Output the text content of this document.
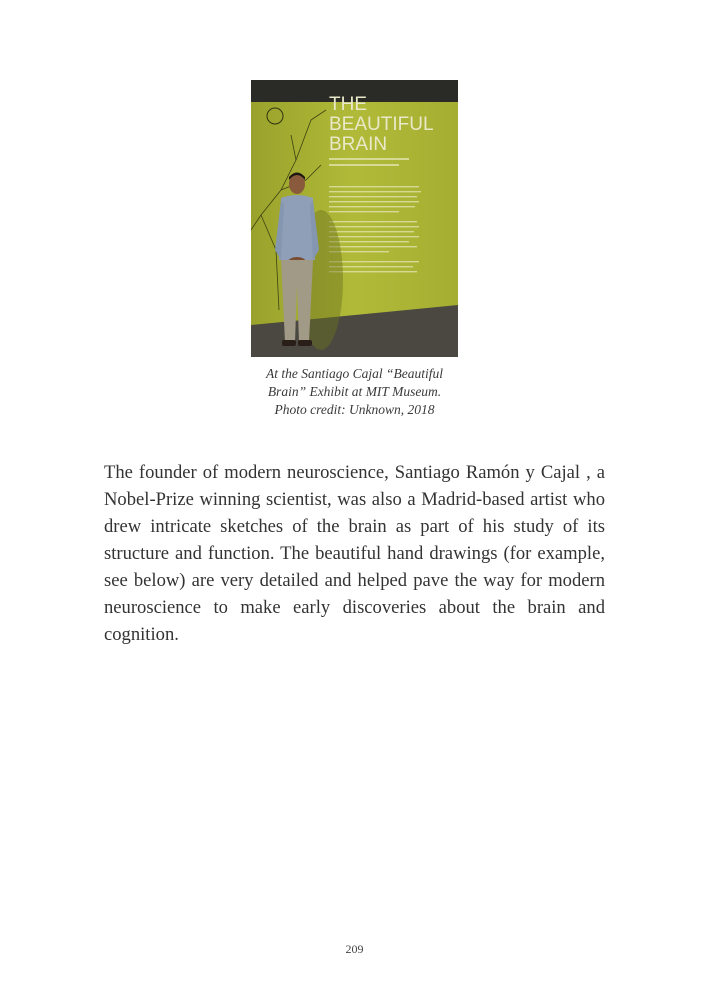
THE
BEAUTIFUL
BRAIN
At the Santiago Cajal “Beautiful
Brain” Exhibit at MIT Museum.
Photo credit: Unknown, 2018

The founder of modern neuroscience, Santiago Ramón y Cajal , a Nobel-Prize winning scientist, was also a Madrid-based artist who drew intricate sketches of the brain as part of his study of its structure and function. The beautiful hand drawings (for example, see below) are very detailed and helped pave the way for modern neuroscience to make early discoveries about the brain and cognition.

209
